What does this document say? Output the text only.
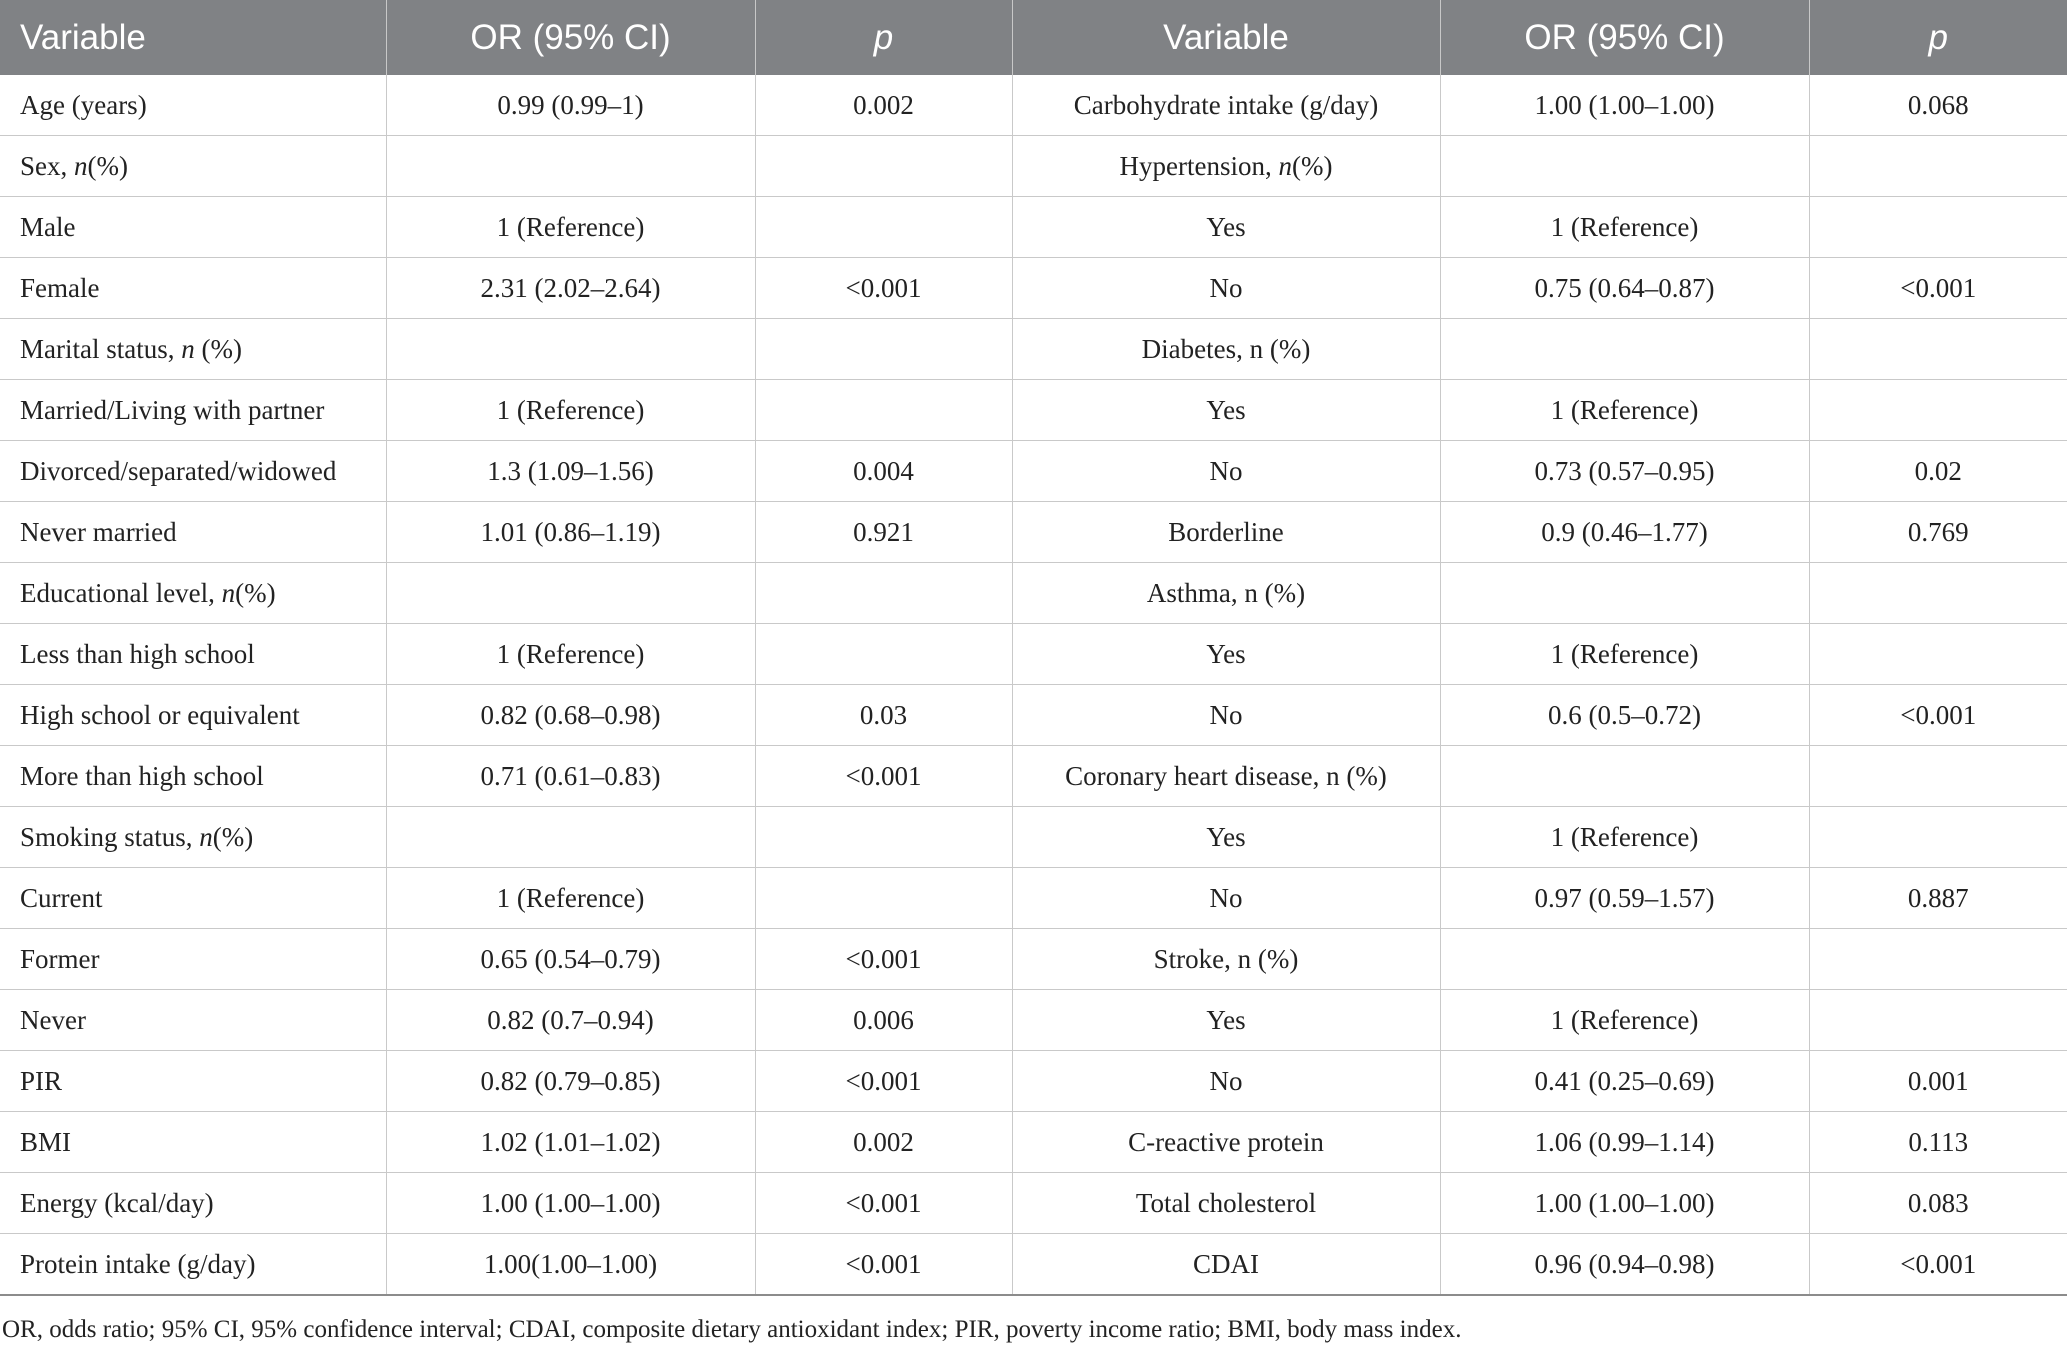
Variable	OR (95% CI)	p	Variable	OR (95% CI)	p
Age (years)	0.99 (0.99–1)	0.002	Carbohydrate intake (g/day)	1.00 (1.00–1.00)	0.068
Sex, n(%)			Hypertension, n(%)		
Male	1 (Reference)		Yes	1 (Reference)	
Female	2.31 (2.02–2.64)	<0.001	No	0.75 (0.64–0.87)	<0.001
Marital status, n (%)			Diabetes, n (%)		
Married/Living with partner	1 (Reference)		Yes	1 (Reference)	
Divorced/separated/widowed	1.3 (1.09–1.56)	0.004	No	0.73 (0.57–0.95)	0.02
Never married	1.01 (0.86–1.19)	0.921	Borderline	0.9 (0.46–1.77)	0.769
Educational level, n(%)			Asthma, n (%)		
Less than high school	1 (Reference)		Yes	1 (Reference)	
High school or equivalent	0.82 (0.68–0.98)	0.03	No	0.6 (0.5–0.72)	<0.001
More than high school	0.71 (0.61–0.83)	<0.001	Coronary heart disease, n (%)		
Smoking status, n(%)			Yes	1 (Reference)	
Current	1 (Reference)		No	0.97 (0.59–1.57)	0.887
Former	0.65 (0.54–0.79)	<0.001	Stroke, n (%)		
Never	0.82 (0.7–0.94)	0.006	Yes	1 (Reference)	
PIR	0.82 (0.79–0.85)	<0.001	No	0.41 (0.25–0.69)	0.001
BMI	1.02 (1.01–1.02)	0.002	C-reactive protein	1.06 (0.99–1.14)	0.113
Energy (kcal/day)	1.00 (1.00–1.00)	<0.001	Total cholesterol	1.00 (1.00–1.00)	0.083
Protein intake (g/day)	1.00(1.00–1.00)	<0.001	CDAI	0.96 (0.94–0.98)	<0.001
OR, odds ratio; 95% CI, 95% confidence interval; CDAI, composite dietary antioxidant index; PIR, poverty income ratio; BMI, body mass index.
